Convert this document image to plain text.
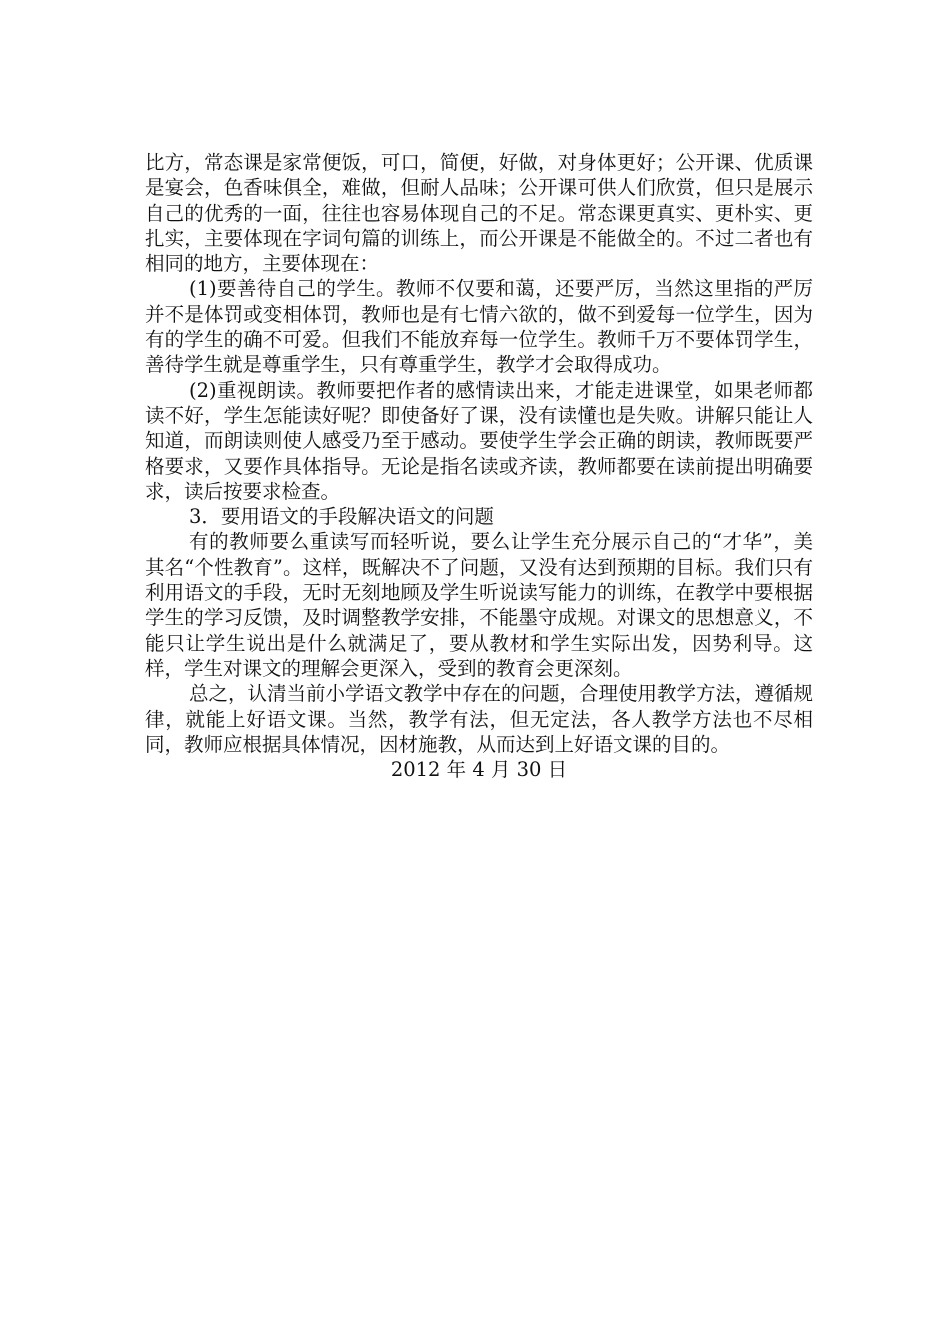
比方，常态课是家常便饭，可口，简便，好做，对身体更好；公开课、优质课是宴会，色香味俱全，难做，但耐人品味；公开课可供人们欣赏，但只是展示自己的优秀的一面，往往也容易体现自己的不足。常态课更真实、更朴实、更扎实，主要体现在字词句篇的训练上，而公开课是不能做全的。不过二者也有相同的地方，主要体现在：

(1)要善待自己的学生。教师不仅要和蔼，还要严厉，当然这里指的严厉并不是体罚或变相体罚，教师也是有七情六欲的，做不到爱每一位学生，因为有的学生的确不可爱。但我们不能放弃每一位学生。教师千万不要体罚学生，善待学生就是尊重学生，只有尊重学生，教学才会取得成功。

(2)重视朗读。教师要把作者的感情读出来，才能走进课堂，如果老师都读不好，学生怎能读好呢？即使备好了课，没有读懂也是失败。讲解只能让人知道，而朗读则使人感受乃至于感动。要使学生学会正确的朗读，教师既要严格要求，又要作具体指导。无论是指名读或齐读，教师都要在读前提出明确要求，读后按要求检查。

3．要用语文的手段解决语文的问题

有的教师要么重读写而轻听说，要么让学生充分展示自己的“才华”，美其名“个性教育”。这样，既解决不了问题，又没有达到预期的目标。我们只有利用语文的手段，无时无刻地顾及学生听说读写能力的训练，在教学中要根据学生的学习反馈，及时调整教学安排，不能墨守成规。对课文的思想意义，不能只让学生说出是什么就满足了，要从教材和学生实际出发，因势利导。这样，学生对课文的理解会更深入，受到的教育会更深刻。

总之，认清当前小学语文教学中存在的问题，合理使用教学方法，遵循规律，就能上好语文课。当然，教学有法，但无定法，各人教学方法也不尽相同，教师应根据具体情况，因材施教，从而达到上好语文课的目的。

2012 年 4 月 30 日
